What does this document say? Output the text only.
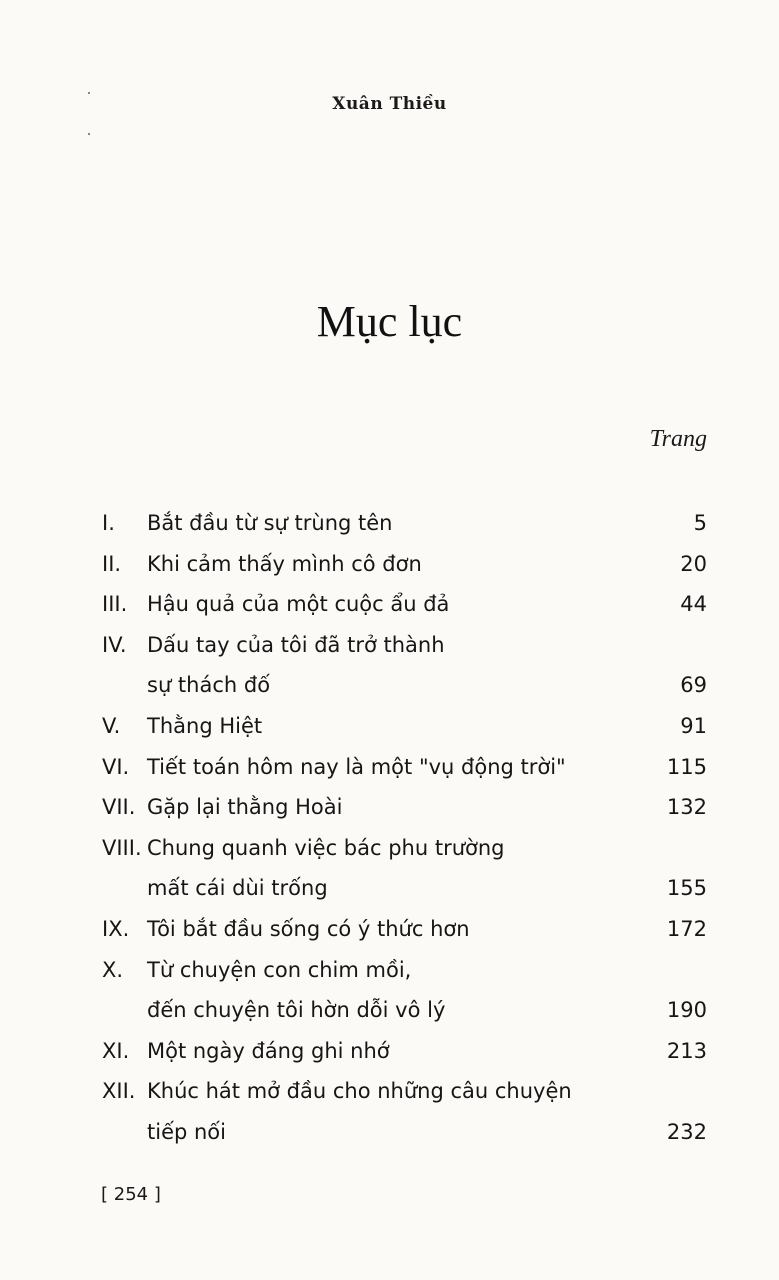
Xuân Thiều
Mục lục
Trang
I. Bắt đầu từ sự trùng tên	5
II. Khi cảm thấy mình cô đơn	20
III. Hậu quả của một cuộc ẩu đả	44
IV. Dấu tay của tôi đã trở thành
sự thách đố	69
V. Thằng Hiệt	91
VI. Tiết toán hôm nay là một "vụ động trời"	115
VII. Gặp lại thằng Hoài	132
VIII. Chung quanh việc bác phu trường
mất cái dùi trống	155
IX. Tôi bắt đầu sống có ý thức hơn	172
X. Từ chuyện con chim mồi,
đến chuyện tôi hờn dỗi vô lý	190
XI. Một ngày đáng ghi nhớ	213
XII. Khúc hát mở đầu cho những câu chuyện
tiếp nối	232
[ 254 ]
